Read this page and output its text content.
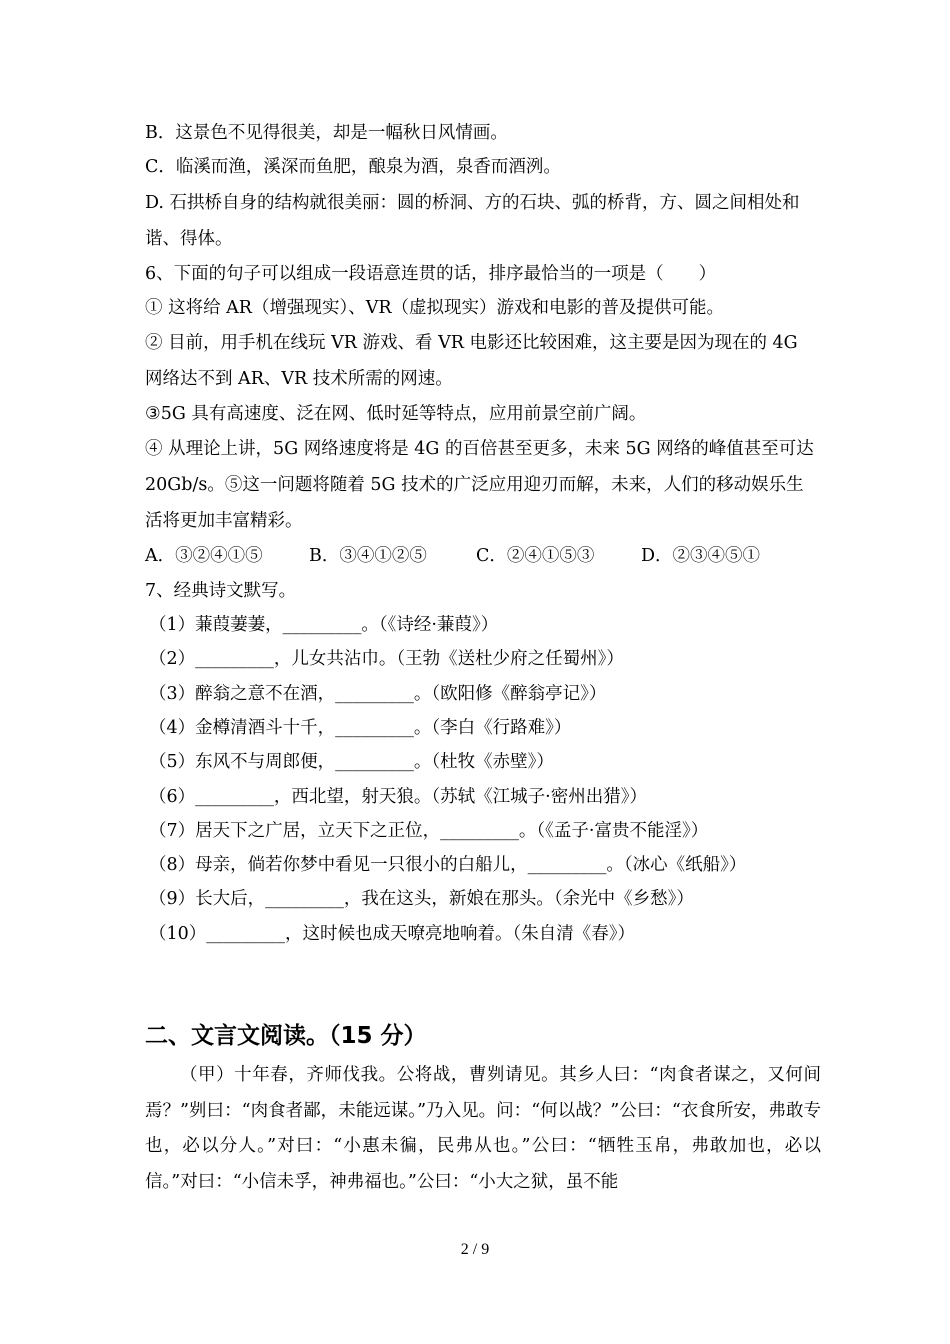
B．这景色不见得很美，却是一幅秋日风情画。
C．临溪而渔，溪深而鱼肥，酿泉为酒，泉香而酒洌。
D. 石拱桥自身的结构就很美丽：圆的桥洞、方的石块、弧的桥背，方、圆之间相处和谐、得体。
6、下面的句子可以组成一段语意连贯的话，排序最恰当的一项是（　　）
① 这将给 AR（增强现实）、VR（虚拟现实）游戏和电影的普及提供可能。
② 目前，用手机在线玩 VR 游戏、看 VR 电影还比较困难，这主要是因为现在的 4G 网络达不到 AR、VR 技术所需的网速。
③5G 具有高速度、泛在网、低时延等特点，应用前景空前广阔。
④ 从理论上讲，5G 网络速度将是 4G 的百倍甚至更多，未来 5G 网络的峰值甚至可达 20Gb/s。⑤这一问题将随着 5G 技术的广泛应用迎刃而解，未来，人们的移动娱乐生活将更加丰富精彩。
A．③②④①⑤	B．③④①②⑤	C．②④①⑤③	D．②③④⑤①
7、经典诗文默写。
（1）蒹葭萋萋，_________。（《诗经·蒹葭》）
（2）_________，儿女共沾巾。（王勃《送杜少府之任蜀州》）
（3）醉翁之意不在酒，_________。（欧阳修《醉翁亭记》）
（4）金樽清酒斗十千，_________。（李白《行路难》）
（5）东风不与周郎便，_________。（杜牧《赤壁》）
（6）_________，西北望，射天狼。（苏轼《江城子·密州出猎》）
（7）居天下之广居，立天下之正位，_________。（《孟子·富贵不能淫》）
（8）母亲，倘若你梦中看见一只很小的白船儿，_________。（冰心《纸船》）
（9）长大后，_________，我在这头，新娘在那头。（余光中《乡愁》）
（10）_________，这时候也成天嘹亮地响着。（朱自清《春》）
二、文言文阅读。（15 分）
（甲）十年春，齐师伐我。公将战，曹刿请见。其乡人曰：“肉食者谋之，又何间焉？”刿曰：“肉食者鄙，未能远谋。”乃入见。问：“何以战？”公曰：“衣食所安，弗敢专也，必以分人。”对曰：“小惠未徧，民弗从也。”公曰：“牺牲玉帛，弗敢加也，必以信。”对曰：“小信未孚，神弗福也。”公曰：“小大之狱，虽不能
2 / 9
